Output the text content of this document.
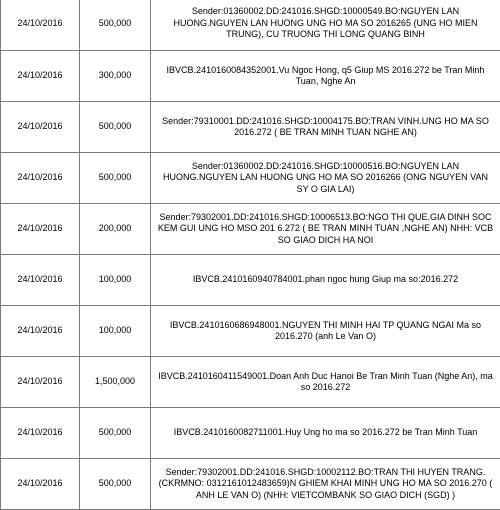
24/10/2016	500,000	Sender:01360002.DD:241016.SHGD:10000549.BO:NGUYEN LAN HUONG.NGUYEN LAN HUONG UNG HO MA SO 2016265 (UNG HO MIEN TRUNG), CU TRUONG THI LONG QUANG BINH
24/10/2016	300,000	IBVCB.2410160084352001.Vu Ngoc Hong, q5 Giup MS 2016.272 be Tran Minh Tuan, Nghe An
24/10/2016	500,000	Sender:79310001.DD:241016.SHGD:10004175.BO:TRAN VINH.UNG HO MA SO 2016.272 ( BE TRAN MINH TUAN NGHE AN)
24/10/2016	500,000	Sender:01360002.DD:241016.SHGD:10000516.BO:NGUYEN LAN HUONG.NGUYEN LAN HUONG UNG HO MA SO 2016266 (ONG NGUYEN VAN SY O GIA LAI)
24/10/2016	200,000	Sender:79302001.DD:241016.SHGD:10006513.BO:NGO THI QUE.GIA DINH SOC KEM GUI UNG HO MSO 201 6.272 ( BE TRAN MINH TUAN ,NGHE AN) NHH: VCB SO GIAO DICH HA NOI
24/10/2016	100,000	IBVCB.2410160940784001.phan ngoc hung Giup ma so:2016.272
24/10/2016	100,000	IBVCB.2410160686948001.NGUYEN THI MINH HAI TP QUANG NGAI Ma so 2016.270 (anh Le Van O)
24/10/2016	1,500,000	IBVCB.2410160411549001.Doan Anh Duc Hanoi Be Tran Minh Tuan (Nghe An), ma so 2016.272
24/10/2016	500,000	IBVCB.2410160082711001.Huy Ung ho ma so 2016.272 be Tran Minh Tuan
24/10/2016	500,000	Sender:79302001.DD:241016.SHGD:10002112.BO:TRAN THI HUYEN TRANG.(CKRMNO: 0312161012483659)N GHIEM KHAI MINH UNG HO MA SO 2016.270 ( ANH LE VAN O) (NHH: VIETCOMBANK SO GIAO DICH (SGD) )
